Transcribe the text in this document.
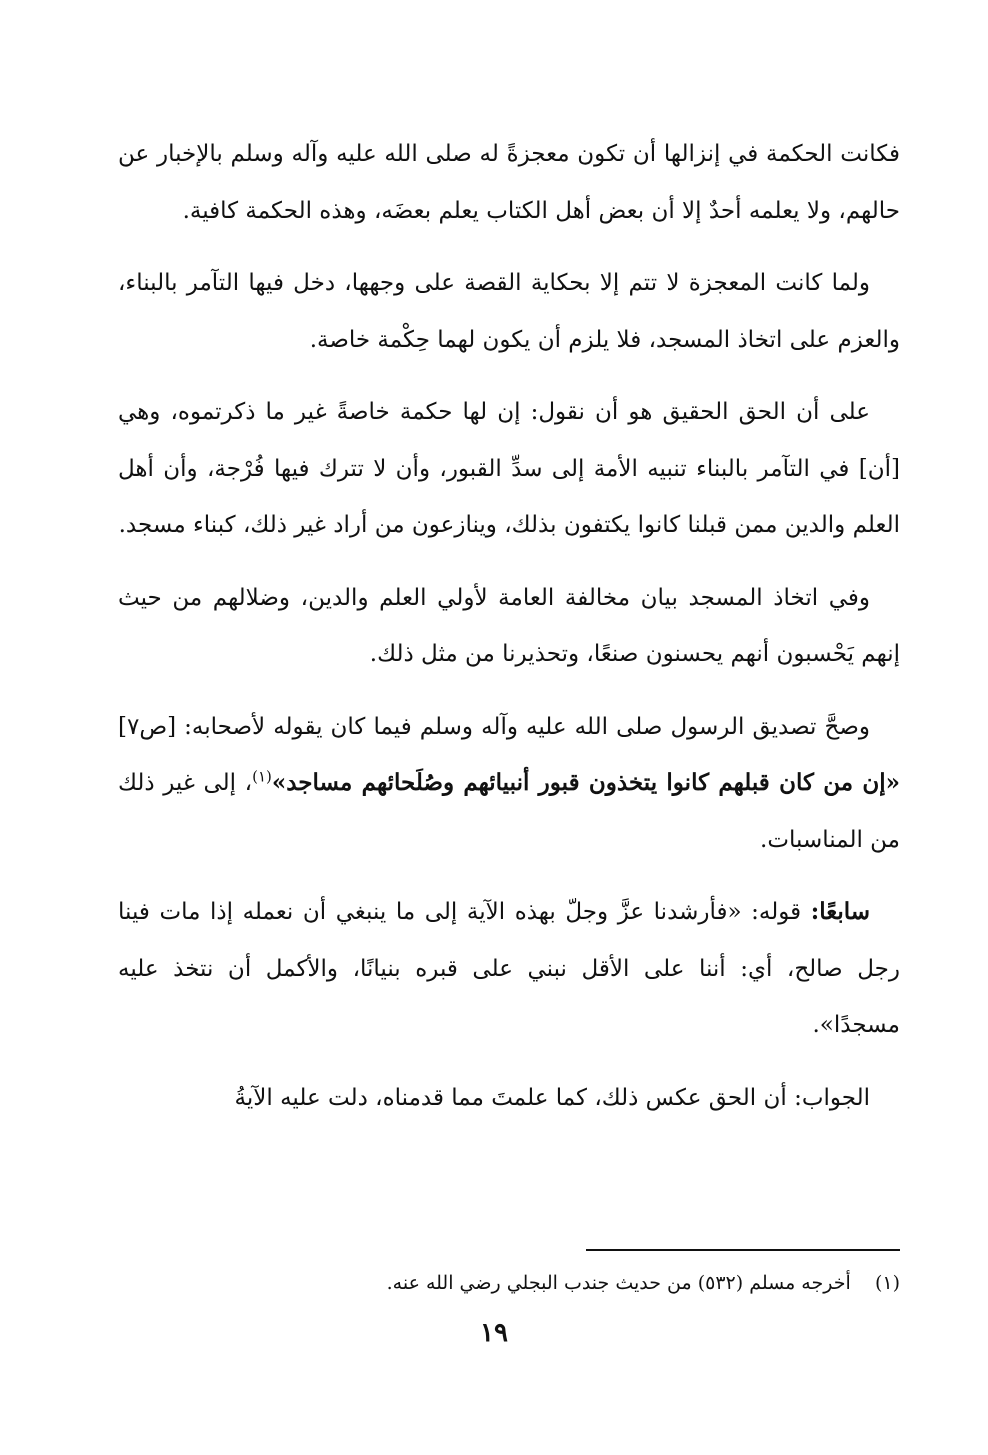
فكانت الحكمة في إنزالها أن تكون معجزةً له صلى الله عليه وآله وسلم بالإخبار عن حالهم، ولا يعلمه أحدٌ إلا أن بعض أهل الكتاب يعلم بعضَه، وهذه الحكمة كافية.

ولما كانت المعجزة لا تتم إلا بحكاية القصة على وجهها، دخل فيها التآمر بالبناء، والعزم على اتخاذ المسجد، فلا يلزم أن يكون لهما حِكْمة خاصة.

على أن الحق الحقيق هو أن نقول: إن لها حكمة خاصةً غير ما ذكرتموه، وهي [أن] في التآمر بالبناء تنبيه الأمة إلى سدِّ القبور، وأن لا تترك فيها فُرْجة، وأن أهل العلم والدين ممن قبلنا كانوا يكتفون بذلك، وينازعون من أراد غير ذلك، كبناء مسجد.

وفي اتخاذ المسجد بيان مخالفة العامة لأولي العلم والدين، وضلالهم من حيث إنهم يَحْسبون أنهم يحسنون صنعًا، وتحذيرنا من مثل ذلك.

وصحَّ تصديق الرسول صلى الله عليه وآله وسلم فيما كان يقوله لأصحابه: [ص٧] «إن من كان قبلهم كانوا يتخذون قبور أنبيائهم وصُلَحائهم مساجد»$^{(١)}$، إلى غير ذلك من المناسبات.

سابعًا: قوله: «فأرشدنا عزَّ وجلّ بهذه الآية إلى ما ينبغي أن نعمله إذا مات فينا رجل صالح، أي: أننا على الأقل نبني على قبره بنيانًا، والأكمل أن نتخذ عليه مسجدًا».

الجواب: أن الحق عكس ذلك، كما علمتَ مما قدمناه، دلت عليه الآيةُ

(١)    أخرجه مسلم (٥٣٢) من حديث جندب البجلي رضي الله عنه.
١٩
